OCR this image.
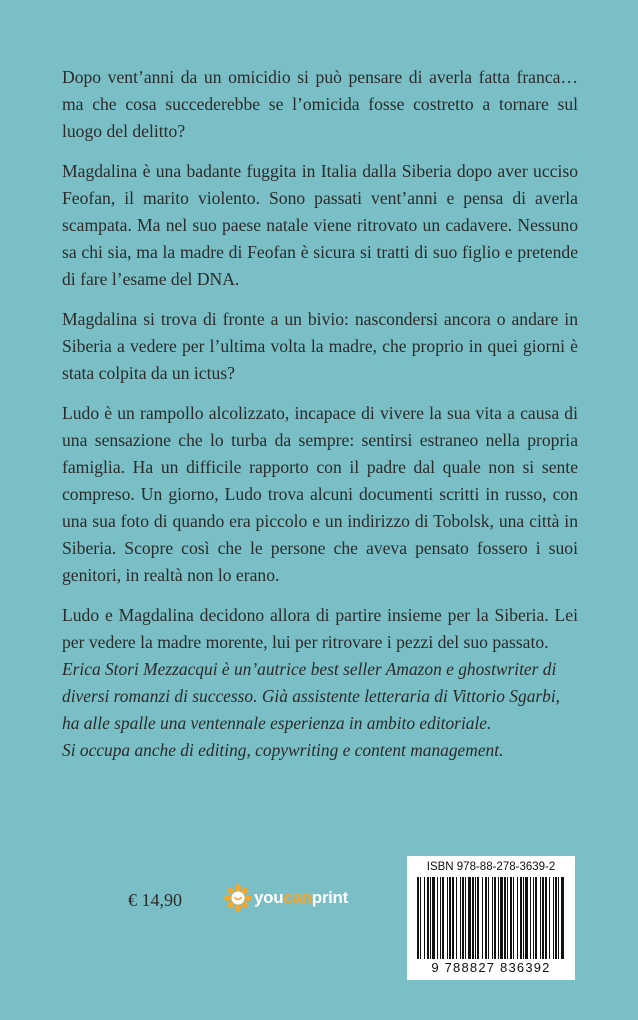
Dopo vent’anni da un omicidio si può pensare di averla fatta franca… ma che cosa succederebbe se l’omicida fosse costretto a tornare sul luogo del delitto?

Magdalina è una badante fuggita in Italia dalla Siberia dopo aver ucciso Feofan, il marito violento. Sono passati vent’anni e pensa di averla scampata. Ma nel suo paese natale viene ritrovato un cadavere. Nessuno sa chi sia, ma la madre di Feofan è sicura si tratti di suo figlio e pretende di fare l’esame del DNA.

Magdalina si trova di fronte a un bivio: nascondersi ancora o andare in Siberia a vedere per l’ultima volta la madre, che proprio in quei giorni è stata colpita da un ictus?

Ludo è un rampollo alcolizzato, incapace di vivere la sua vita a causa di una sensazione che lo turba da sempre: sentirsi estraneo nella propria famiglia. Ha un difficile rapporto con il padre dal quale non si sente compreso. Un giorno, Ludo trova alcuni documenti scritti in russo, con una sua foto di quando era piccolo e un indirizzo di Tobolsk, una città in Siberia. Scopre così che le persone che aveva pensato fossero i suoi genitori, in realtà non lo erano.

Ludo e Magdalina decidono allora di partire insieme per la Siberia. Lei per vedere la madre morente, lui per ritrovare i pezzi del suo passato.

Erica Stori Mezzacqui è un’autrice best seller Amazon e ghostwriter di

diversi romanzi di successo. Già assistente letteraria di Vittorio Sgarbi,

ha alle spalle una ventennale esperienza in ambito editoriale.

Si occupa anche di editing, copywriting e content management.

€ 14,90	youcanprint
ISBN 978-88-278-3639-2
9 788827 836392
